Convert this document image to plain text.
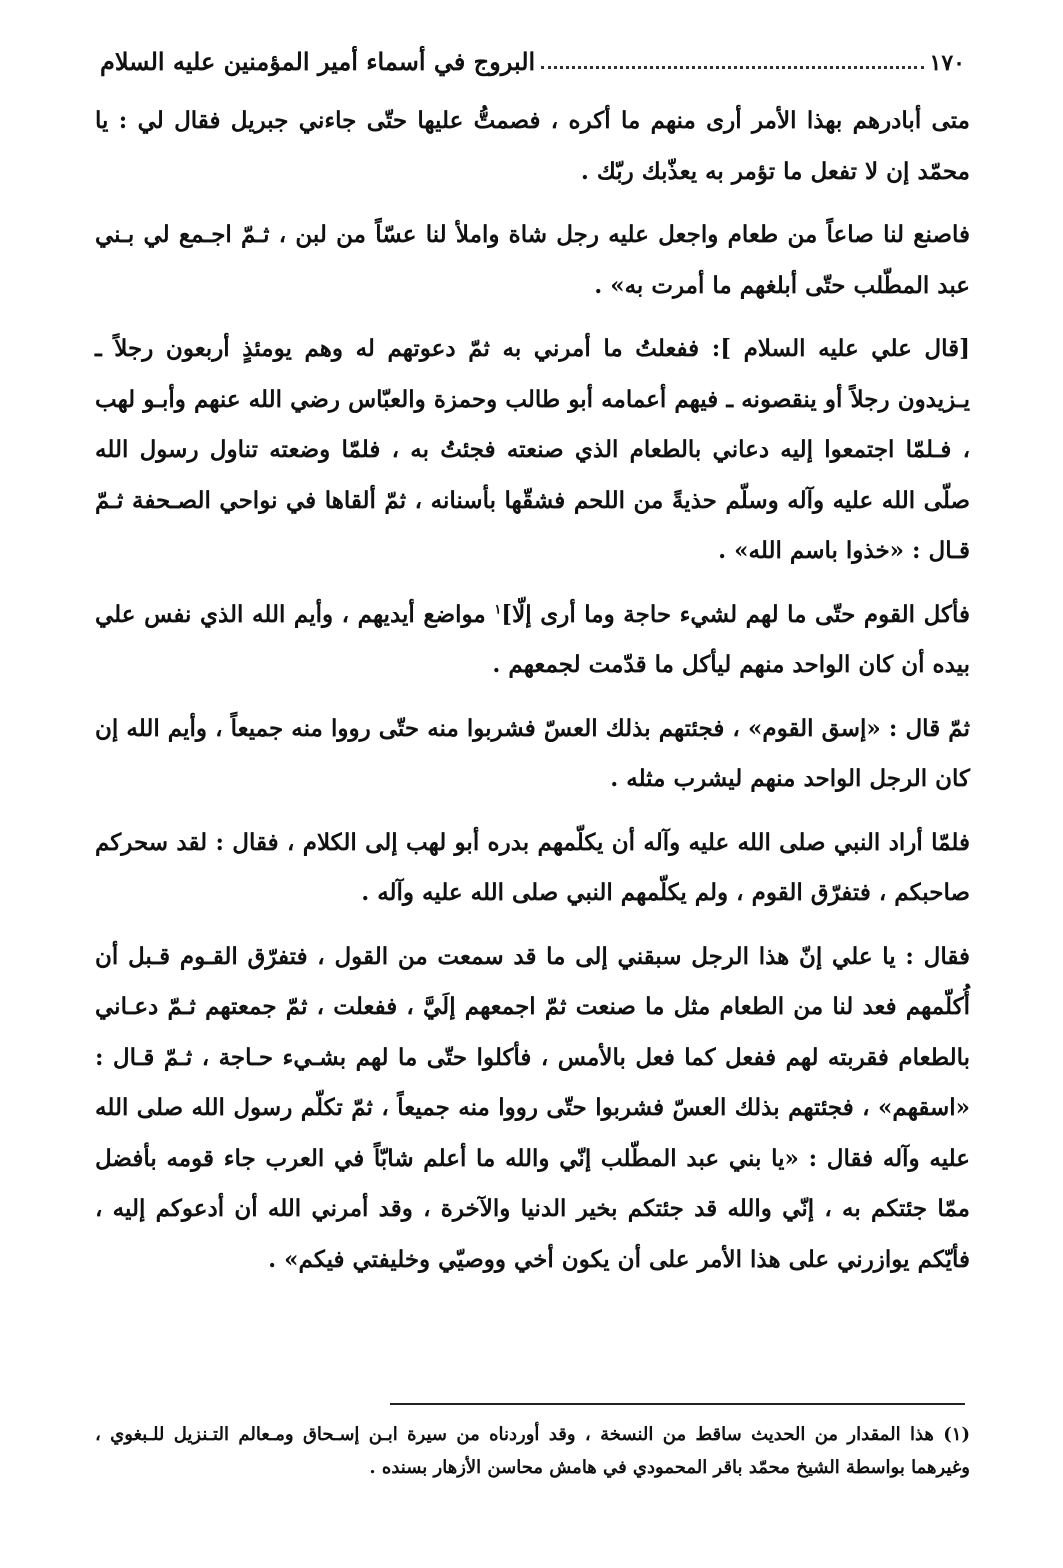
١٧٠
البروج في أسماء أمير المؤمنين عليه السلام

متى أبادرهم بهذا الأمر أرى منهم ما أكره ، فصمتُّ عليها حتّى جاءني جبريل فقال لي : يا محمّد إن لا تفعل ما تؤمر به يعذّبك ربّك .

فاصنع لنا صاعاً من طعام واجعل عليه رجل شاة واملأ لنا عسّاً من لبن ، ثـمّ اجـمع لي بـني عبد المطّلب حتّى أبلغهم ما أمرت به» .

[قال علي عليه السلام ]: ففعلتُ ما أمرني به ثمّ دعوتهم له وهم يومئذٍ أربعون رجلاً ـ يـزيدون رجلاً أو ينقصونه ـ فيهم أعمامه أبو طالب وحمزة والعبّاس رضي الله عنهم وأبـو لهب ، فـلمّا اجتمعوا إليه دعاني بالطعام الذي صنعته فجئتُ به ، فلمّا وضعته تناول رسول الله صلّى الله عليه وآله وسلّم حذيةً من اللحم فشقّها بأسنانه ، ثمّ ألقاها في نواحي الصـحفة ثـمّ قـال : «خذوا باسم الله» .

فأكل القوم حتّى ما لهم لشيء حاجة وما أرى إلّا]$^١$ مواضع أيديهم ، وأيم الله الذي نفس علي بيده أن كان الواحد منهم ليأكل ما قدّمت لجمعهم .

ثمّ قال : «إسق القوم» ، فجئتهم بذلك العسّ فشربوا منه حتّى رووا منه جميعاً ، وأيم الله إن كان الرجل الواحد منهم ليشرب مثله .

فلمّا أراد النبي صلى الله عليه وآله أن يكلّمهم بدره أبو لهب إلى الكلام ، فقال : لقد سحركم صاحبكم ، فتفرّق القوم ، ولم يكلّمهم النبي صلى الله عليه وآله .

فقال : يا علي إنّ هذا الرجل سبقني إلى ما قد سمعت من القول ، فتفرّق القـوم قـبل أن أُكلّمهم فعد لنا من الطعام مثل ما صنعت ثمّ اجمعهم إلَيَّ ، ففعلت ، ثمّ جمعتهم ثـمّ دعـاني بالطعام فقربته لهم ففعل كما فعل بالأمس ، فأكلوا حتّى ما لهم بشـيء حـاجة ، ثـمّ قـال : «اسقهم» ، فجئتهم بذلك العسّ فشربوا حتّى رووا منه جميعاً ، ثمّ تكلّم رسول الله صلى الله عليه وآله فقال : «يا بني عبد المطّلب إنّي والله ما أعلم شابّاً في العرب جاء قومه بأفضل ممّا جئتكم به ، إنّي والله قد جئتكم بخير الدنيا والآخرة ، وقد أمرني الله أن أدعوكم إليه ، فأيّكم يوازرني على هذا الأمر على أن يكون أخي ووصيّي وخليفتي فيكم» .

(١) هذا المقدار من الحديث ساقط من النسخة ، وقد أوردناه من سيرة ابـن إسـحاق ومـعالم التـنزيل للـبغوي ، وغيرهما بواسطة الشيخ محمّد باقر المحمودي في هامش محاسن الأزهار بسنده .
